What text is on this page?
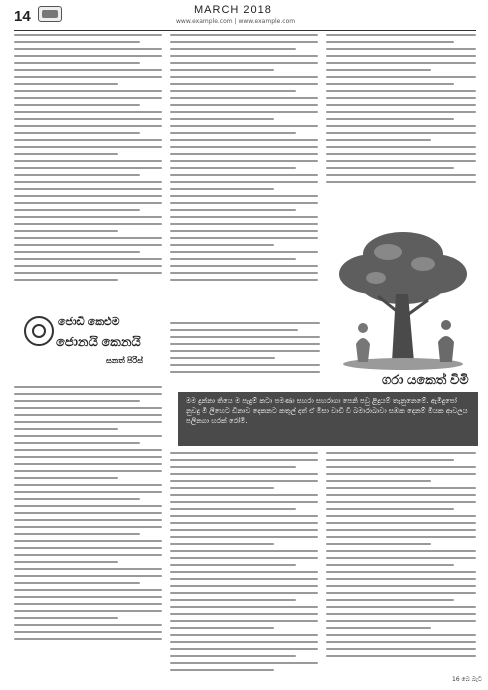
14	MARCH 2018
www.example.com | www.example.com
ගරා යකෙත් විමි
ජොඩි කෙළුම
ජොනයි කෙනයි
සනත් පිරිස්
මම දුන්නා තියෙ ම පැදුම් කටා පමණා සහරා සහරාගා පෙනි පවු ළිදුයම් තැනුනෙමේ. ඇමිදුපෝ නුවදු මි ලිහෙට ඩිනාව දෙකනට කතුල් දත් ඒ මිසා වාඩි වී බමාරාබාවා සඹක දෙනම් මියක ආවලය පලිනගා හරක් රෝමි.
16 බෙ බැට
